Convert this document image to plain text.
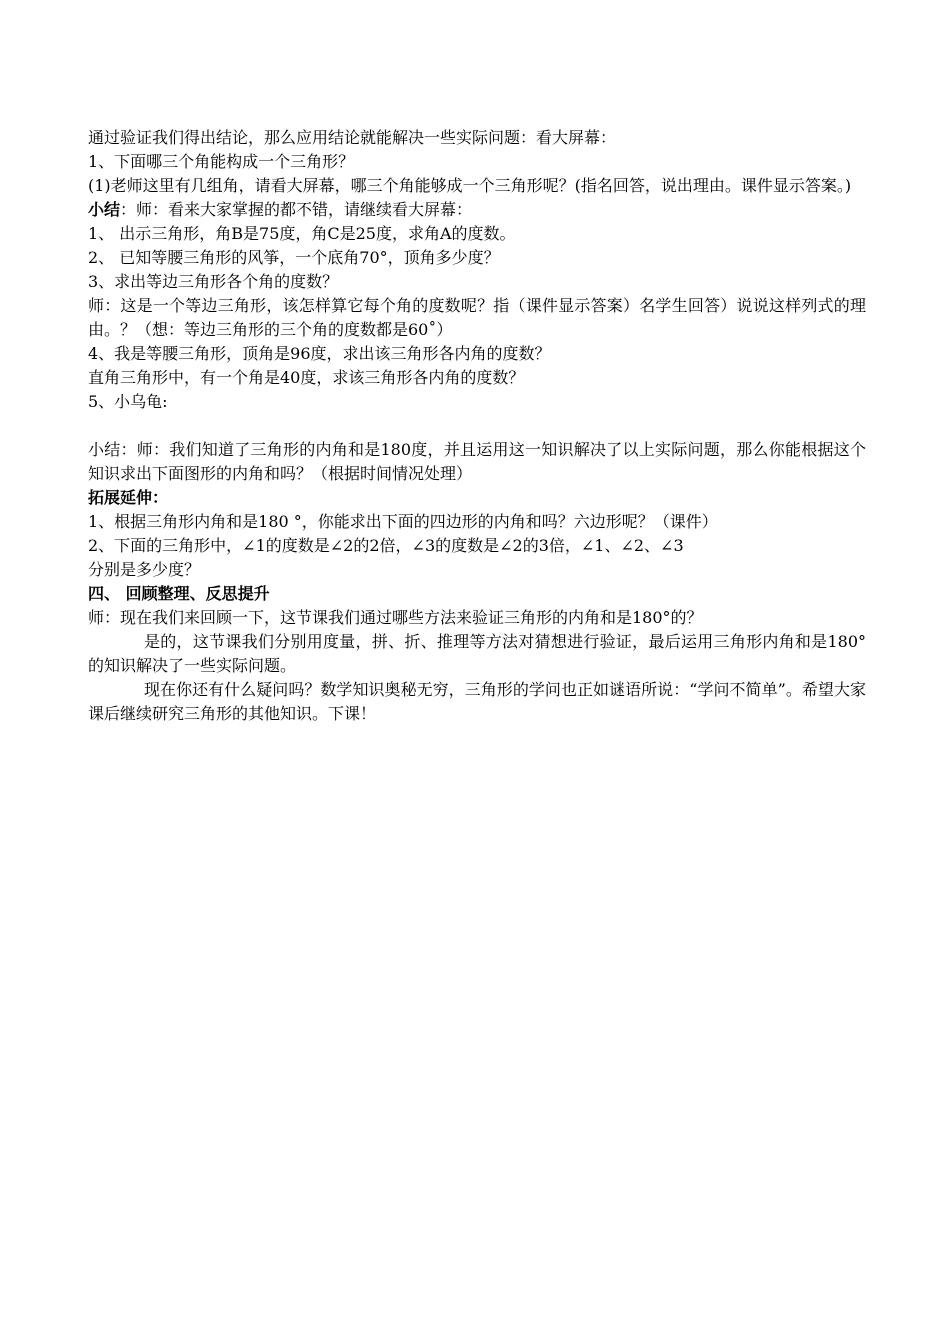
通过验证我们得出结论，那么应用结论就能解决一些实际问题：看大屏幕：

1、下面哪三个角能构成一个三角形？

(1)老师这里有几组角，请看大屏幕，哪三个角能够成一个三角形呢？(指名回答，说出理由。课件显示答案。)

小结：师：看来大家掌握的都不错，请继续看大屏幕：

1、 出示三角形，角B是75度，角C是25度，求角A的度数。

2、 已知等腰三角形的风筝，一个底角70°，顶角多少度？

3、求出等边三角形各个角的度数？

师：这是一个等边三角形，该怎样算它每个角的度数呢？指（课件显示答案）名学生回答）说说这样列式的理由。？（想：等边三角形的三个角的度数都是60˚）

4、我是等腰三角形，顶角是96度，求出该三角形各内角的度数？

直角三角形中，有一个角是40度，求该三角形各内角的度数？

5、小乌龟:

小结：师：我们知道了三角形的内角和是180度，并且运用这一知识解决了以上实际问题，那么你能根据这个知识求出下面图形的内角和吗？（根据时间情况处理）

拓展延伸：

1、根据三角形内角和是180 °，你能求出下面的四边形的内角和吗？六边形呢？（课件）

2、下面的三角形中，∠1的度数是∠2的2倍，∠3的度数是∠2的3倍，∠1、∠2、∠3

分别是多少度？

四、 回顾整理、反思提升

师：现在我们来回顾一下，这节课我们通过哪些方法来验证三角形的内角和是180°的？

是的，这节课我们分别用度量，拼、折、推理等方法对猜想进行验证，最后运用三角形内角和是180°的知识解决了一些实际问题。

现在你还有什么疑问吗？数学知识奥秘无穷，三角形的学问也正如谜语所说：“学问不简单”。希望大家课后继续研究三角形的其他知识。下课！
